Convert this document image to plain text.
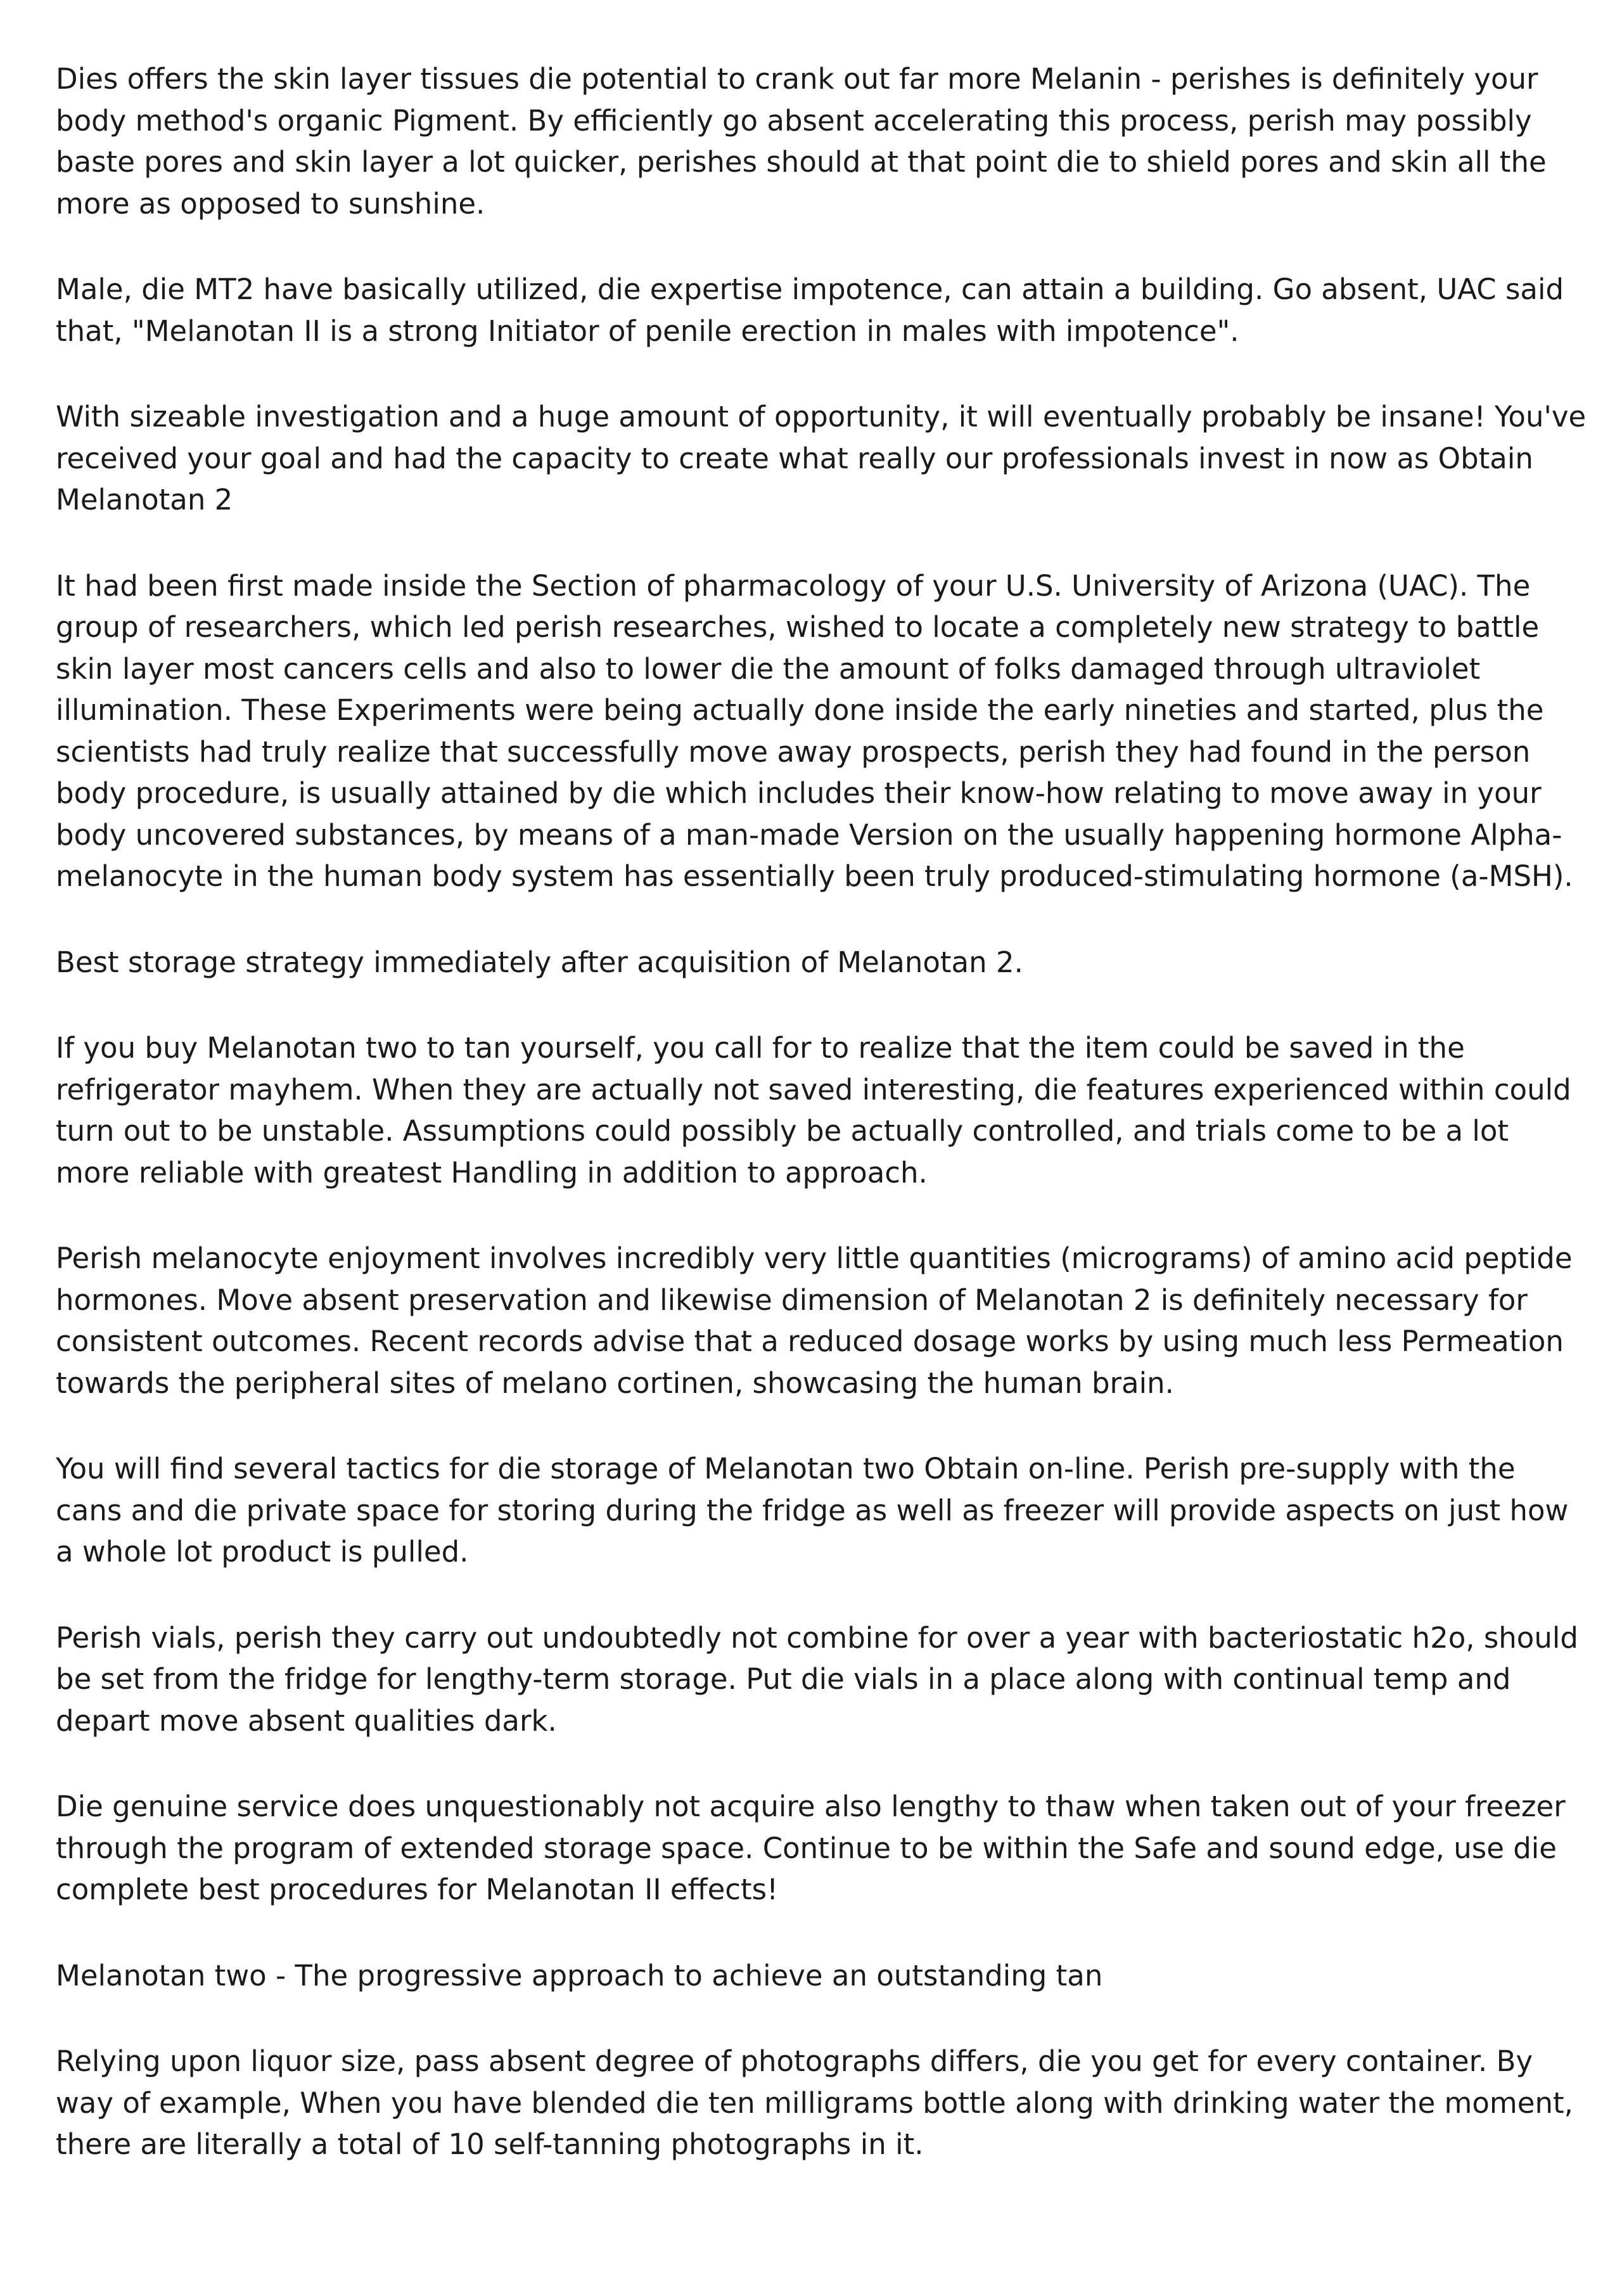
Dies offers the skin layer tissues die potential to crank out far more Melanin - perishes is definitely your body method's organic Pigment. By efficiently go absent accelerating this process, perish may possibly baste pores and skin layer a lot quicker, perishes should at that point die to shield pores and skin all the more as opposed to sunshine.

Male, die MT2 have basically utilized, die expertise impotence, can attain a building. Go absent, UAC said that, "Melanotan II is a strong Initiator of penile erection in males with impotence".

With sizeable investigation and a huge amount of opportunity, it will eventually probably be insane! You've received your goal and had the capacity to create what really our professionals invest in now as Obtain Melanotan 2

It had been first made inside the Section of pharmacology of your U.S. University of Arizona (UAC). The group of researchers, which led perish researches, wished to locate a completely new strategy to battle skin layer most cancers cells and also to lower die the amount of folks damaged through ultraviolet illumination. These Experiments were being actually done inside the early nineties and started, plus the scientists had truly realize that successfully move away prospects, perish they had found in the person body procedure, is usually attained by die which includes their know-how relating to move away in your body uncovered substances, by means of a man-made Version on the usually happening hormone Alpha-melanocyte in the human body system has essentially been truly produced-stimulating hormone (a-MSH).

Best storage strategy immediately after acquisition of Melanotan 2.

If you buy Melanotan two to tan yourself, you call for to realize that the item could be saved in the refrigerator mayhem. When they are actually not saved interesting, die features experienced within could turn out to be unstable. Assumptions could possibly be actually controlled, and trials come to be a lot more reliable with greatest Handling in addition to approach.

Perish melanocyte enjoyment involves incredibly very little quantities (micrograms) of amino acid peptide hormones. Move absent preservation and likewise dimension of Melanotan 2 is definitely necessary for consistent outcomes. Recent records advise that a reduced dosage works by using much less Permeation towards the peripheral sites of melano cortinen, showcasing the human brain.

You will find several tactics for die storage of Melanotan two Obtain on-line. Perish pre-supply with the cans and die private space for storing during the fridge as well as freezer will provide aspects on just how a whole lot product is pulled.

Perish vials, perish they carry out undoubtedly not combine for over a year with bacteriostatic h2o, should be set from the fridge for lengthy-term storage. Put die vials in a place along with continual temp and depart move absent qualities dark.

Die genuine service does unquestionably not acquire also lengthy to thaw when taken out of your freezer through the program of extended storage space. Continue to be within the Safe and sound edge, use die complete best procedures for Melanotan II effects!

Melanotan two - The progressive approach to achieve an outstanding tan

Relying upon liquor size, pass absent degree of photographs differs, die you get for every container. By way of example, When you have blended die ten milligrams bottle along with drinking water the moment, there are literally a total of 10 self-tanning photographs in it.
